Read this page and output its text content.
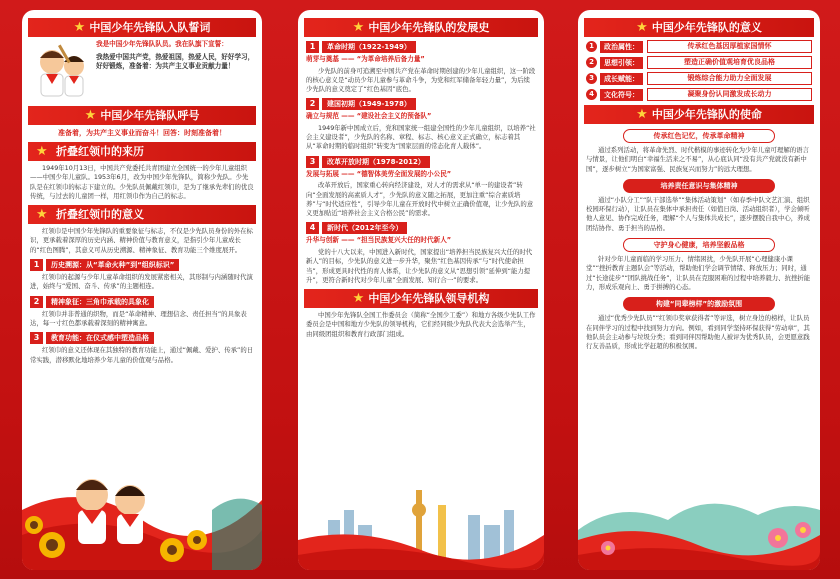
★ 中国少年先锋队入队誓词

我是中国少年先锋队队员。我在队旗下宣誓：

我热爱中国共产党，热爱祖国，热爱人民，好好学习，好好锻炼，准备着：为共产主义事业贡献力量！

★ 中国少年先锋队呼号

准备着，为共产主义事业而奋斗！回答：时刻准备着！

★ 折叠红领巾的来历

1949年10月13日，中国共产党委托共青团建立全国统一的少年儿童组织——中国少年儿童队。1953年6月，改为中国少年先锋队，简称少先队。少先队是在红领巾的标志下建立的。少先队员佩戴红领巾，是为了继承先辈们的优良传统，与过去的儿童团一样，用红领巾作为自己的标志。

★ 折叠红领巾的意义

红领巾是中国少年先锋队的重要象征与标志，不仅是少先队员身份的外在标识，更承载着深厚的历史内涵、精神价值与教育意义，是指引少年儿童成长的“红色图腾”，其意义可从历史溯源、精神象征、教育功能三个维度展开。

1	历史溯源：从“革命火种”到“组织标识”

红领巾的起源与少年儿童革命组织的发展紧密相关，其形制与内涵随时代演进，始终与“爱国、奋斗、传承”的主题相连。

2	精神象征：三角巾承载的具象化

红领巾并非普通的织物，而是“革命精神、理想信念、责任担当”的具象表达，每一寸红色都承载着深刻的精神寓意。

3	教育功能：在仪式感中塑造品格

红领巾的意义还体现在其独特的教育功能上，通过“佩戴、爱护、传承”的日常实践，潜移默化地培养少年儿童的价值观与品格。

★ 中国少年先锋队的发展史
1	革命时期（1922-1949）

萌芽与奠基 —— “为革命培养后备力量”

少先队的前身可追溯至中国共产党在革命时期创建的少年儿童组织，这一阶段的核心意义是“动员少年儿童参与革命斗争，为党和红军储备年轻力量”，为后续少先队的意义奠定了“红色基因”底色。

2	建国初期（1949-1978）

确立与规范 —— “建设社会主义的预备队”

1949年新中国成立后，党和国家统一组建全国性的少年儿童组织，以培养“社会主义建设者”，少先队的名称、章程、标志、核心意义正式确立，标志着其从“革命时期的临时组织”转变为“国家层面的常态化育人载体”。

3	改革开放时期（1978-2012）

发展与拓展 —— “德智体美劳全面发展的小公民”

改革开放后，国家重心转向经济建设，对人才的需求从“单一的建设者”转向“全面发展的高素质人才”，少先队的意义随之拓展，更加注重“综合素质培养”与“时代适应性”，引导少年儿童在开放时代中树立正确价值观，让少先队的意义更加贴近“培养社会主义合格公民”的需求。

4	新时代（2012年至今）

升华与创新 —— “担当民族复兴大任的时代新人”

党的十八大以来，中国进入新时代，国家提出“培养担当民族复兴大任的时代新人”的目标，少先队的意义进一步升华，聚焦“红色基因传承”与“时代使命担当”，形成更具时代性的育人体系，让少先队的意义从“思想引领”延伸到“能力提升”，更符合新时代对少年儿童“全面发展、知行合一”的要求。

★ 中国少年先锋队领导机构

中国少年先锋队全国工作委员会（简称“全国少工委”）和地方各级少先队工作委员会是中国和地方少先队的领导机构，它们经同级少先队代表大会选举产生，由同级团组织和教育行政部门组成。

★ 中国少年先锋队的意义
1	政治属性：	传承红色基因厚植家国情怀
2	思想引领：	塑造正确价值观培育优良品格
3	成长赋能：	锻炼综合能力助力全面发展
4	文化符号：	凝聚身份认同激发成长动力
★ 中国少年先锋队的使命
传承红色记忆，传承革命精神

通过系列活动，将革命先烈、时代楷模的事迹转化为少年儿童可理解的语言与情景，让他们明白“幸福生活来之不易”，从心底认同“没有共产党就没有新中国”，逐步树立“为国家富强、民族复兴而努力”的远大理想。

培养责任意识与集体精神

通过“小队分工”“队干部选举”“集体活动策划”（如春季中队文艺汇演、组织校园环保行动），让队员在集体中承担责任（如值日岗、活动组织者），学会倾听他人意见、协作完成任务，理解“个人与集体共成长”，逐步摆脱自我中心，养成团结协作、勇于担当的品格。

守护身心健康，培养坚毅品格

针对少年儿童面临的学习压力、情绪困扰，少先队开展“心理健康小课堂”“挫折教育主题队会”等活动，帮助他们学会调节情绪、释放压力；同时，通过“长途徒步”“团队挑战任务”，让队员在克服困难的过程中培养毅力、抗挫折能力，形成乐观向上、勇于拼搏的心态。

构建“同辈榜样”的激励氛围

通过“优秀少先队员”“红领巾奖章获得者”等评选，树立身边的榜样，让队员在同伴学习的过程中找到努力方向。例如，看到同学坚持环保获得“劳动章”，其他队员会主动参与垃圾分类；看到同伴因帮助他人被评为优秀队员，会更愿意践行友善品质，形成比学赶超的积极氛围。
